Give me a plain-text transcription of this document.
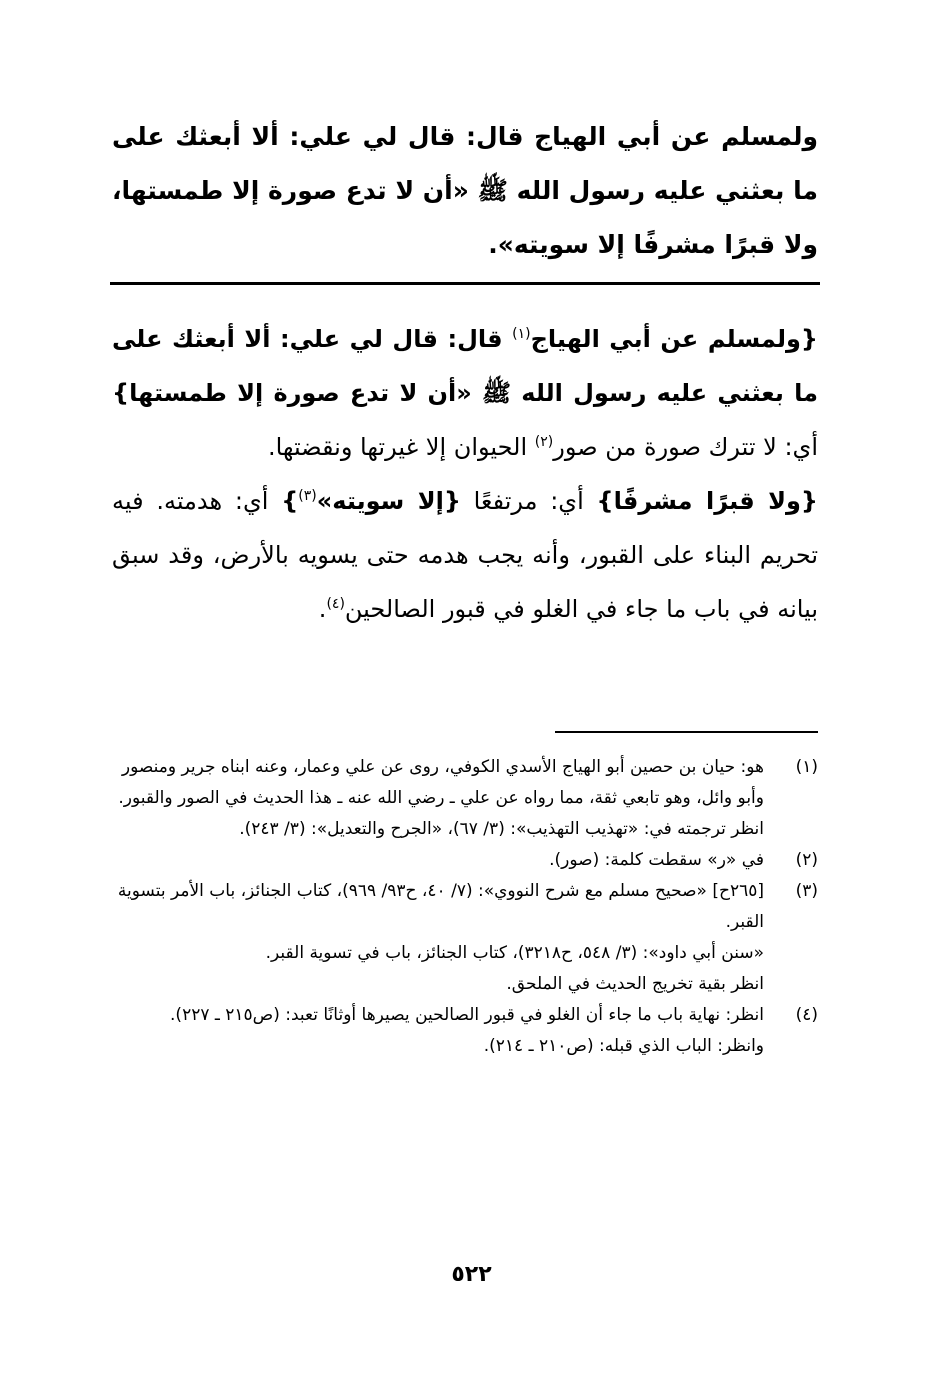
ولمسلم عن أبي الهياج قال: قال لي علي: ألا أبعثك على ما بعثني عليه رسول الله ﷺ «أن لا تدع صورة إلا طمستها، ولا قبرًا مشرفًا إلا سويته».

{ولمسلم عن أبي الهياج$^{(١)}$ قال: قال لي علي: ألا أبعثك على ما بعثني عليه رسول الله ﷺ «أن لا تدع صورة إلا طمستها} أي: لا تترك صورة من صور$^{(٢)}$ الحيوان إلا غيرتها ونقضتها.

{ولا قبرًا مشرفًا} أي: مرتفعًا {إلا سويته»$^{(٣)}$} أي: هدمته. فيه تحريم البناء على القبور، وأنه يجب هدمه حتى يسويه بالأرض، وقد سبق بيانه في باب ما جاء في الغلو في قبور الصالحين$^{(٤)}$.

(١)

هو: حيان بن حصين أبو الهياج الأسدي الكوفي، روى عن علي وعمار، وعنه ابناه جرير ومنصور وأبو وائل، وهو تابعي ثقة، مما رواه عن علي ـ رضي الله عنه ـ هذا الحديث في الصور والقبور.

انظر ترجمته في: «تهذيب التهذيب»: (٣/ ٦٧)، «الجرح والتعديل»: (٣/ ٢٤٣).

(٢)

في «ر» سقطت كلمة: (صور).

(٣)

[٢٦٥ح] «صحيح مسلم مع شرح النووي»: (٧/ ٤٠، ح٩٣/ ٩٦٩)، كتاب الجنائز، باب الأمر بتسوية القبر.

«سنن أبي داود»: (٣/ ٥٤٨، ح٣٢١٨)، كتاب الجنائز، باب في تسوية القبر.

انظر بقية تخريج الحديث في الملحق.

(٤)

انظر: نهاية باب ما جاء أن الغلو في قبور الصالحين يصيرها أوثانًا تعبد: (ص٢١٥ ـ ٢٢٧).

وانظر: الباب الذي قبله: (ص٢١٠ ـ ٢١٤).

٥٢٢
